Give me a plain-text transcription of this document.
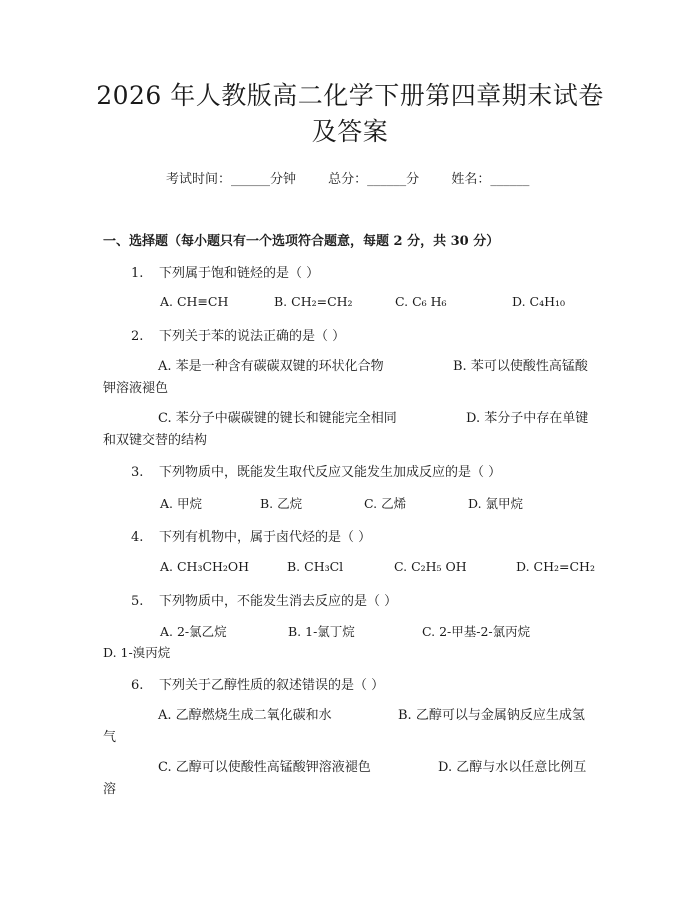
2026 年人教版高二化学下册第四章期末试卷
及答案
考试时间：______分钟 总分：______分 姓名：______
一、选择题（每小题只有一个选项符合题意，每题 2 分，共 30 分）
1. 下列属于饱和链烃的是（ ）
A. CH≡CH	B. CH₂=CH₂	C. C₆ H₆	D. C₄H₁₀
2. 下列关于苯的说法正确的是（ ）
A. 苯是一种含有碳碳双键的环状化合物	B. 苯可以使酸性高锰酸
钾溶液褪色
C. 苯分子中碳碳键的键长和键能完全相同	D. 苯分子中存在单键
和双键交替的结构
3. 下列物质中，既能发生取代反应又能发生加成反应的是（ ）
A. 甲烷	B. 乙烷	C. 乙烯	D. 氯甲烷
4. 下列有机物中，属于卤代烃的是（ ）
A. CH₃CH₂OH	B. CH₃Cl	C. C₂H₅ OH	D. CH₂=CH₂
5. 下列物质中，不能发生消去反应的是（ ）
A. 2-氯乙烷	B. 1-氯丁烷	C. 2-甲基-2-氯丙烷
D. 1-溴丙烷
6. 下列关于乙醇性质的叙述错误的是（ ）
A. 乙醇燃烧生成二氧化碳和水	B. 乙醇可以与金属钠反应生成氢
气
C. 乙醇可以使酸性高锰酸钾溶液褪色	D. 乙醇与水以任意比例互
溶
